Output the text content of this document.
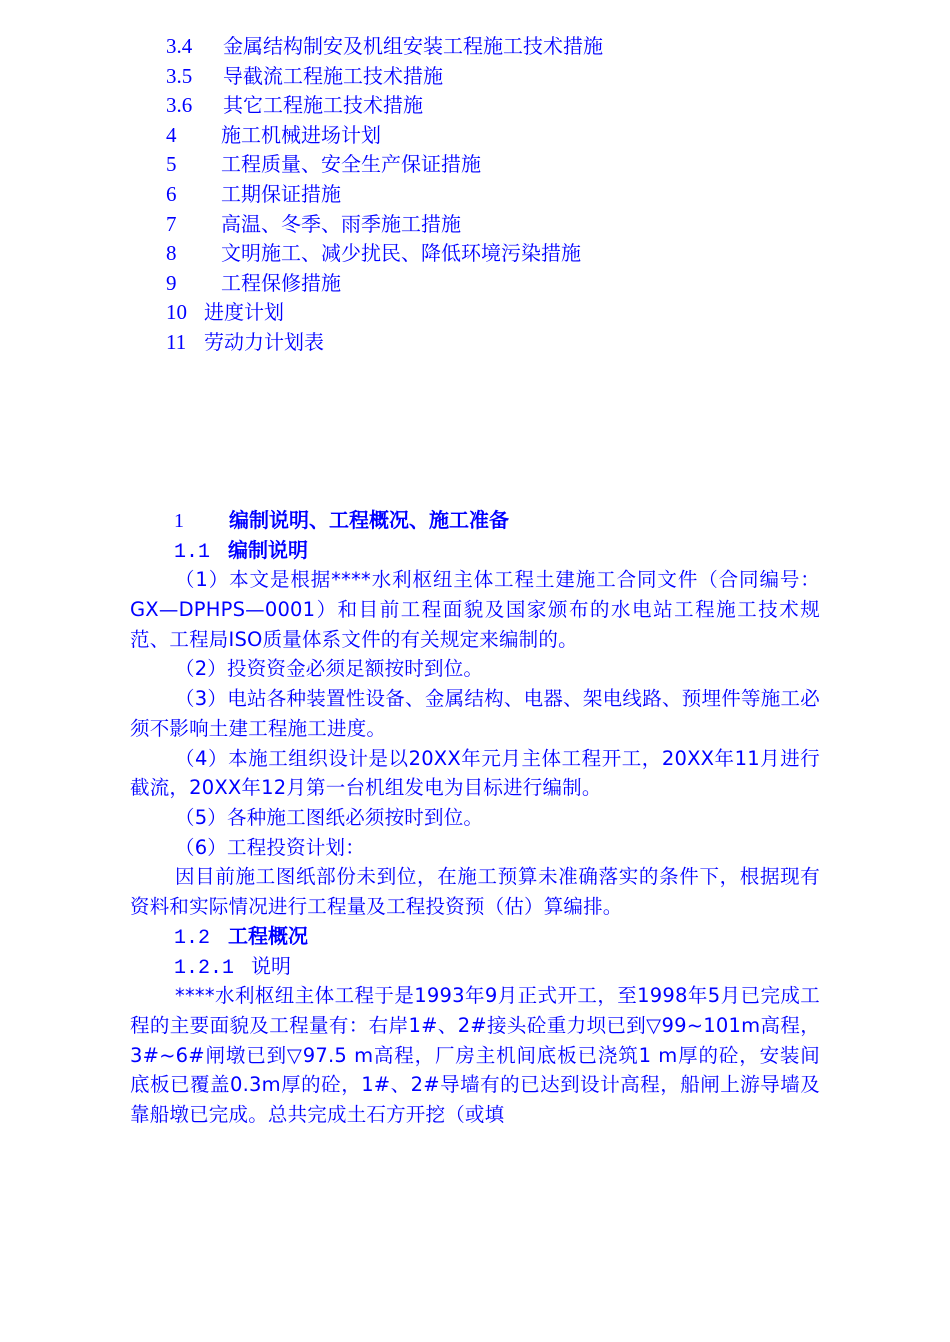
3.4 金属结构制安及机组安装工程施工技术措施
3.5 导截流工程施工技术措施
3.6 其它工程施工技术措施
4 施工机械进场计划
5 工程质量、安全生产保证措施
6 工期保证措施
7 高温、冬季、雨季施工措施
8 文明施工、减少扰民、降低环境污染措施
9 工程保修措施
10 进度计划
11 劳动力计划表
1 编制说明、工程概况、施工准备
1.1 编制说明
（1）本文是根据****水利枢纽主体工程土建施工合同文件（合同编号：GX—DPHPS—0001）和目前工程面貌及国家颁布的水电站工程施工技术规范、工程局ISO质量体系文件的有关规定来编制的。
（2）投资资金必须足额按时到位。
（3）电站各种装置性设备、金属结构、电器、架电线路、预埋件等施工必须不影响土建工程施工进度。
（4）本施工组织设计是以20XX年元月主体工程开工，20XX年11月进行截流，20XX年12月第一台机组发电为目标进行编制。
（5）各种施工图纸必须按时到位。
（6）工程投资计划：
因目前施工图纸部份未到位，在施工预算未准确落实的条件下，根据现有资料和实际情况进行工程量及工程投资预（估）算编排。
1.2 工程概况
1.2.1 说明
****水利枢纽主体工程于是1993年9月正式开工，至1998年5月已完成工程的主要面貌及工程量有：右岸1#、2#接头砼重力坝已到▽99~101m高程，3#~6#闸墩已到▽97.5 m高程，厂房主机间底板已浇筑1 m厚的砼，安装间底板已覆盖0.3m厚的砼，1#、2#导墙有的已达到设计高程，船闸上游导墙及靠船墩已完成。总共完成土石方开挖（或填
